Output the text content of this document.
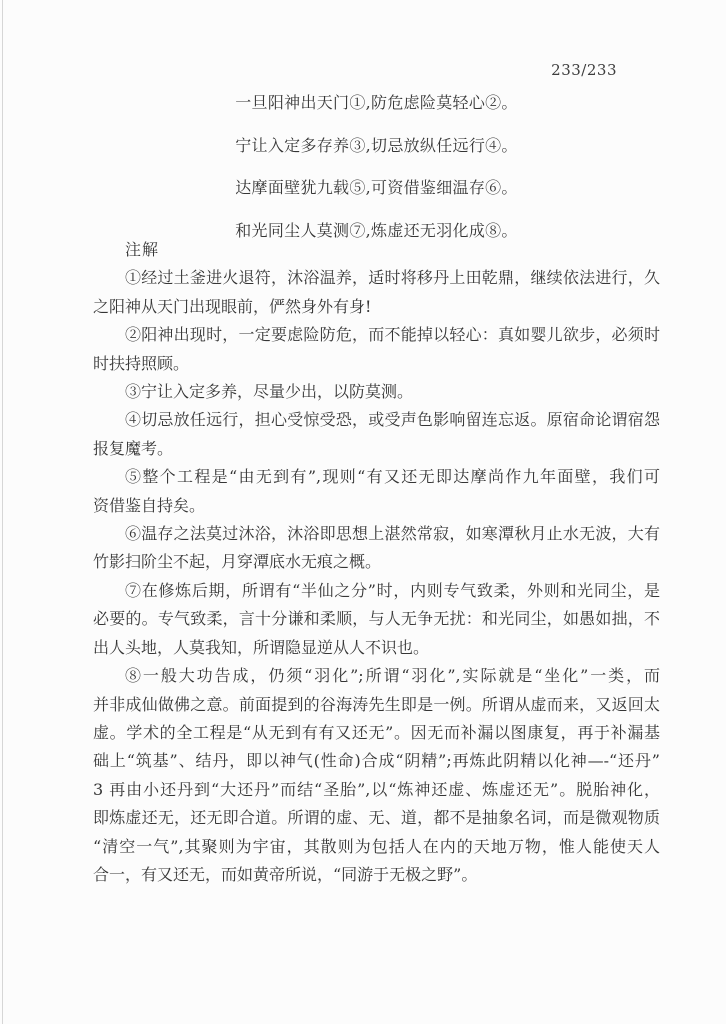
233/233
一旦阳神出天门①,防危虑险莫轻心②。
宁让入定多存养③,切忌放纵任远行④。
达摩面壁犹九载⑤,可资借鉴细温存⑥。
和光同尘人莫测⑦,炼虚还无羽化成⑧。
注解
①经过土釜进火退符，沐浴温养，适时将移丹上田乾鼎，继续依法进行，久
之阳神从天门出现眼前，俨然身外有身!
②阳神出现时，一定要虑险防危，而不能掉以轻心：真如婴儿欲步，必须时
时扶持照顾。
③宁让入定多养，尽量少出，以防莫测。
④切忌放任远行，担心受惊受恐，或受声色影响留连忘返。原宿命论谓宿怨
报复魔考。
⑤整个工程是“由无到有”,现则“有又还无即达摩尚作九年面壁，我们可
资借鉴自持矣。
⑥温存之法莫过沐浴，沐浴即思想上湛然常寂，如寒潭秋月止水无波，大有
竹影扫阶尘不起，月穿潭底水无痕之概。
⑦在修炼后期，所谓有“半仙之分”时，内则专气致柔，外则和光同尘，是
必要的。专气致柔，言十分谦和柔顺，与人无争无扰：和光同尘，如愚如拙，不
出人头地，人莫我知，所谓隐显逆从人不识也。
⑧一般大功告成，仍须“羽化”;所谓“羽化”,实际就是“坐化”一类，而
并非成仙做佛之意。前面提到的谷海涛先生即是一例。所谓从虚而来，又返回太
虚。学术的全工程是“从无到有有又还无”。因无而补漏以图康复，再于补漏基
础上“筑基”、结丹，即以神气(性命)合成“阴精”;再炼此阴精以化神—-“还丹”
3 再由小还丹到“大还丹”而结“圣胎”,以“炼神还虚、炼虚还无”。脱胎神化，
即炼虚还无，还无即合道。所谓的虚、无、道，都不是抽象名词，而是微观物质
“清空一气”,其聚则为宇宙，其散则为包括人在内的天地万物，惟人能使天人
合一，有又还无，而如黄帝所说，“同游于无极之野”。
